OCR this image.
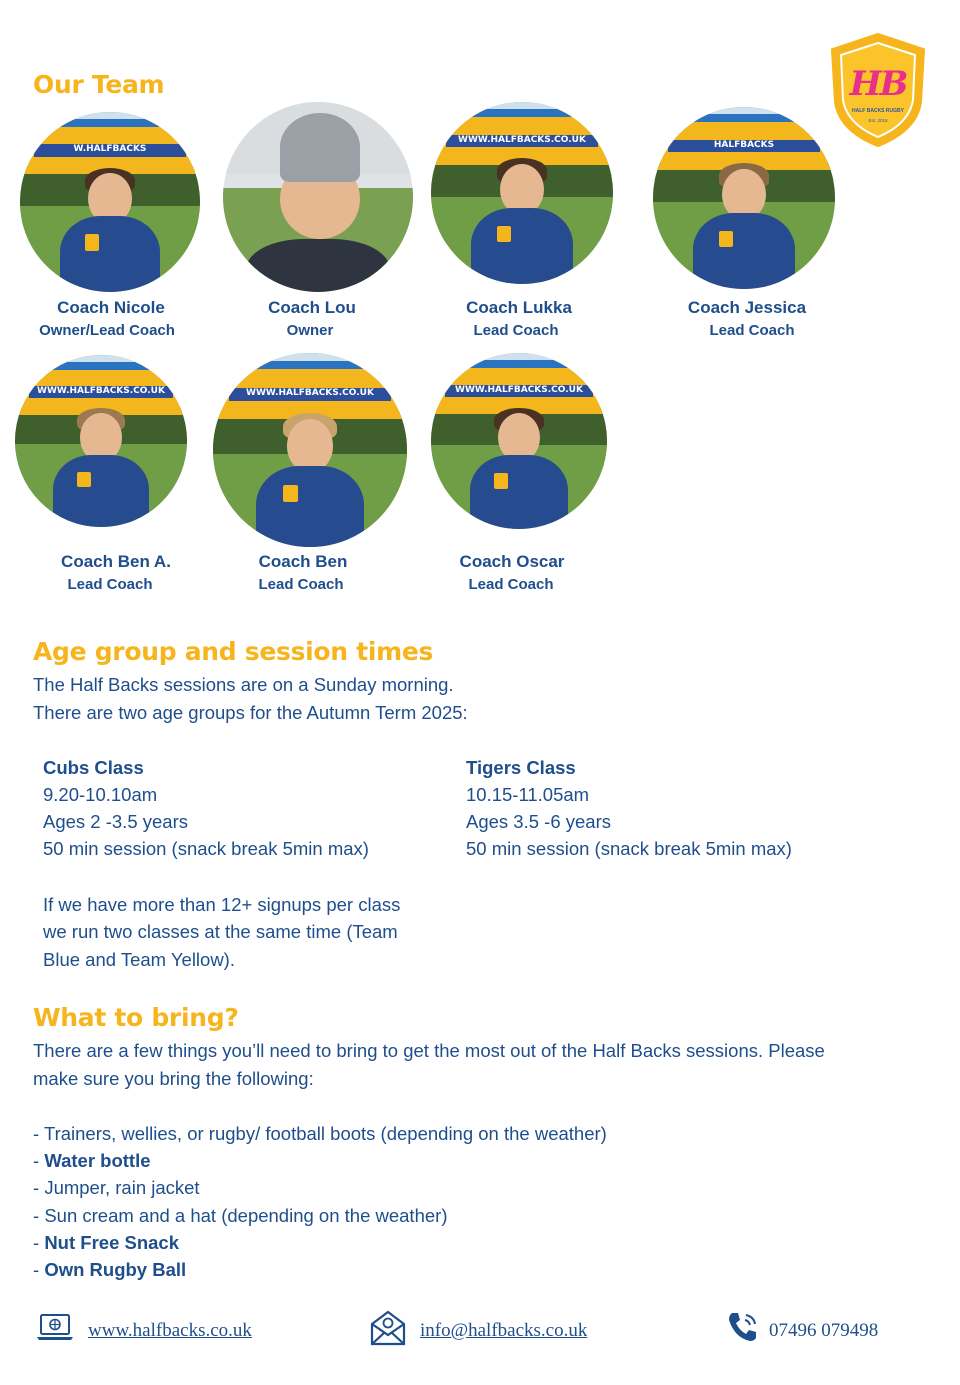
HB
HALF BACKS RUGBY
Est. 2018
Our Team
W.HALFBACKS
WWW.HALFBACKS.CO.UK	HALFBACKS
Coach Nicole
Owner/Lead Coach
Coach Lou
Owner
Coach Lukka
Lead Coach
Coach Jessica
Lead Coach
WWW.HALFBACKS.CO.UK	WWW.HALFBACKS.CO.UK	WWW.HALFBACKS.CO.UK
Coach Ben A.
Lead Coach
Coach Ben
Lead Coach
Coach Oscar
Lead Coach
Age group and session times
The Half Backs sessions are on a Sunday morning.
There are two age groups for the Autumn Term 2025:
Cubs Class
9.20-10.10am
Ages 2 -3.5 years
50 min session (snack break 5min max)
Tigers Class
10.15-11.05am
Ages 3.5 -6 years
50 min session (snack break 5min max)
If we have more than 12+ signups per class
we run two classes at the same time (Team
Blue and Team Yellow).
What to bring?
There are a few things you’ll need to bring to get the most out of the Half Backs sessions. Please
make sure you bring the following:
- Trainers, wellies, or rugby/ football boots (depending on the weather)
- Water bottle
- Jumper, rain jacket
- Sun cream and a hat (depending on the weather)
- Nut Free Snack
- Own Rugby Ball
www.halfbacks.co.uk	info@halfbacks.co.uk	07496 079498
